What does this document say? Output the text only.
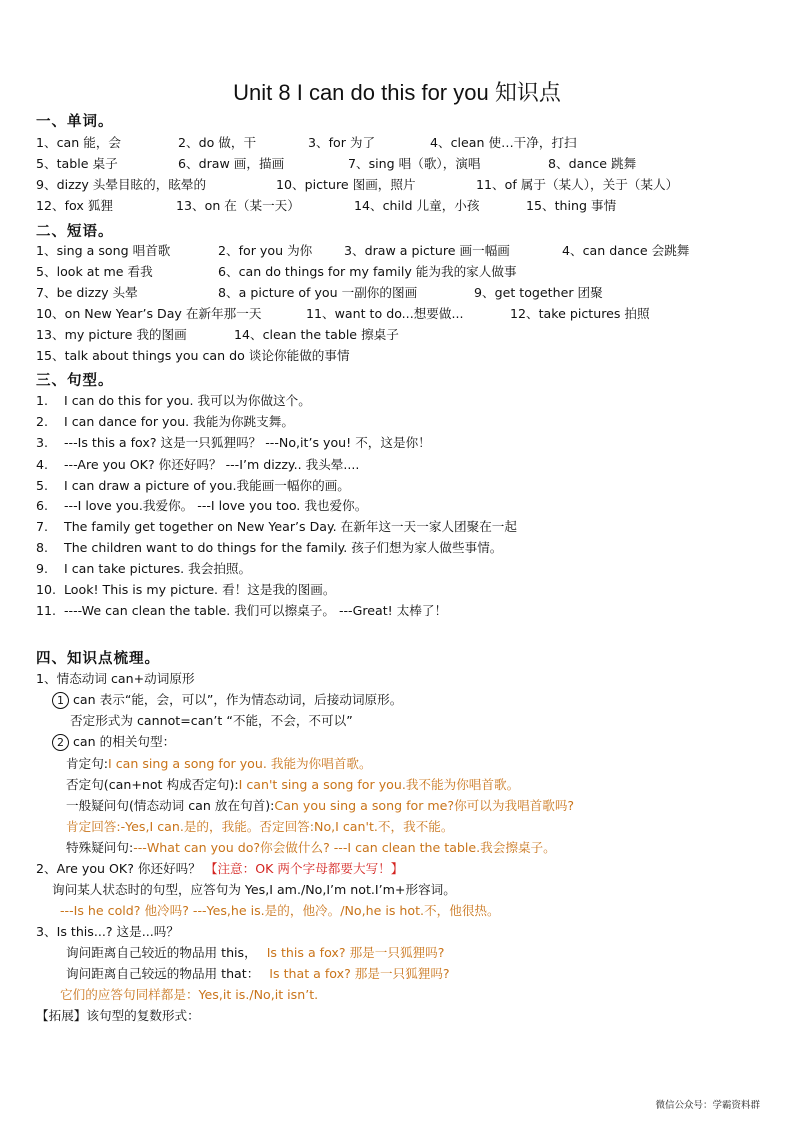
Unit 8 I can do this for you 知识点
一、单词。
1、can 能，会	2、do 做，干	3、for 为了	4、clean 使…干净，打扫
5、table 桌子	6、draw 画，描画	7、sing 唱（歌），演唱	8、dance 跳舞
9、dizzy 头晕目眩的，眩晕的	10、picture 图画，照片	11、of 属于（某人），关于（某人）
12、fox 狐狸	13、on 在（某一天）	14、child 儿童，小孩	15、thing 事情
二、短语。
1、sing a song 唱首歌	2、for you 为你	3、draw a picture 画一幅画	4、can dance 会跳舞
5、look at me 看我	6、can do things for my family 能为我的家人做事
7、be dizzy 头晕	8、a picture of you 一副你的图画	9、get together 团聚
10、on New Year’s Day 在新年那一天	11、want to do...想要做...	12、take pictures 拍照
13、my picture 我的图画	14、clean the table 擦桌子
15、talk about things you can do 谈论你能做的事情
三、句型。
1. I can do this for you. 我可以为你做这个。
2. I can dance for you. 我能为你跳支舞。
3. ---Is this a fox? 这是一只狐狸吗？ ---No,it’s you! 不，这是你！
4. ---Are you OK? 你还好吗？ ---I’m dizzy.. 我头晕....
5. I can draw a picture of you.我能画一幅你的画。
6. ---I love you.我爱你。 ---I love you too. 我也爱你。
7. The family get together on New Year’s Day. 在新年这一天一家人团聚在一起
8. The children want to do things for the family. 孩子们想为家人做些事情。
9. I can take pictures. 我会拍照。
10. Look! This is my picture. 看！这是我的图画。
11. ----We can clean the table. 我们可以擦桌子。 ---Great! 太棒了！
四、知识点梳理。
1、情态动词 can+动词原形
1 can 表示“能，会，可以”，作为情态动词，后接动词原形。
否定形式为 cannot=can’t “不能，不会，不可以”
2 can 的相关句型：
肯定句:I can sing a song for you. 我能为你唱首歌。
否定句(can+not 构成否定句):I can't sing a song for you.我不能为你唱首歌。
一般疑问句(情态动词 can 放在句首):Can you sing a song for me?你可以为我唱首歌吗?
肯定回答:-Yes,I can.是的，我能。否定回答:No,I can't.不，我不能。
特殊疑问句:---What can you do?你会做什么? ---I can clean the table.我会擦桌子。
2、Are you OK? 你还好吗？ 【注意：OK 两个字母都要大写！】
询问某人状态时的句型，应答句为 Yes,I am./No,I’m not.I’m+形容词。
---Is he cold? 他冷吗? ---Yes,he is.是的，他冷。/No,he is hot.不，他很热。
3、Is this...? 这是...吗？
询问距离自己较近的物品用 this， Is this a fox? 那是一只狐狸吗?
询问距离自己较远的物品用 that： Is that a fox? 那是一只狐狸吗?
它们的应答句同样都是：Yes,it is./No,it isn’t.
【拓展】该句型的复数形式：
微信公众号：学霸资料群
